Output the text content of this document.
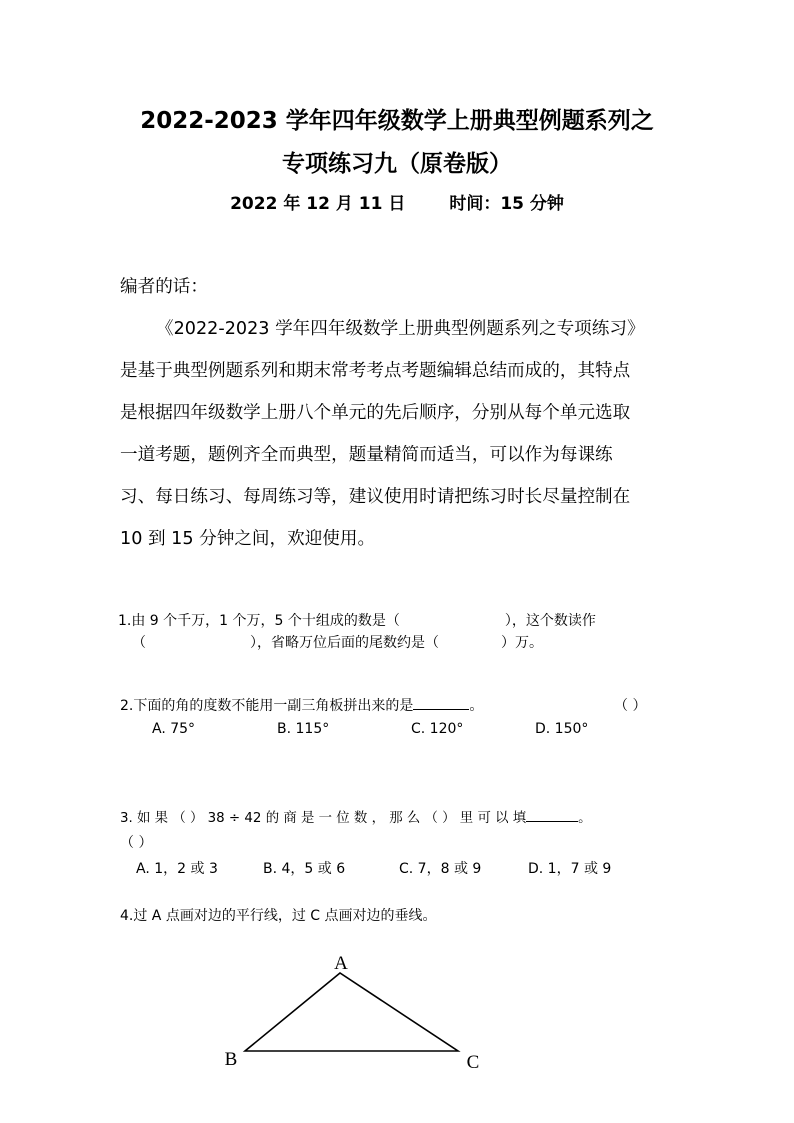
2022-2023 学年四年级数学上册典型例题系列之
专项练习九（原卷版）
2022 年 12 月 11 日	时间：15 分钟
编者的话：
《2022-2023 学年四年级数学上册典型例题系列之专项练习》
是基于典型例题系列和期末常考考点考题编辑总结而成的，其特点
是根据四年级数学上册八个单元的先后顺序，分别从每个单元选取
一道考题，题例齐全而典型，题量精简而适当，可以作为每课练
习、每日练习、每周练习等，建议使用时请把练习时长尽量控制在
10 到 15 分钟之间，欢迎使用。
1.由 9 个千万，1 个万，5 个十组成的数是（	），这个数读作
（	），省略万位后面的尾数约是（	）万。
2.下面的角的度数不能用一副三角板拼出来的是	。	（ ）
A. 75°	B. 115°	C. 120°	D. 150°
3. 如 果 （ ） 38 ÷ 42 的 商 是 一 位 数 ， 那 么 （ ） 里 可 以 填	。
（ ）
A. 1，2 或 3	B. 4，5 或 6	C. 7，8 或 9	D. 1，7 或 9
4.过 A 点画对边的平行线，过 C 点画对边的垂线。
A
B	C
